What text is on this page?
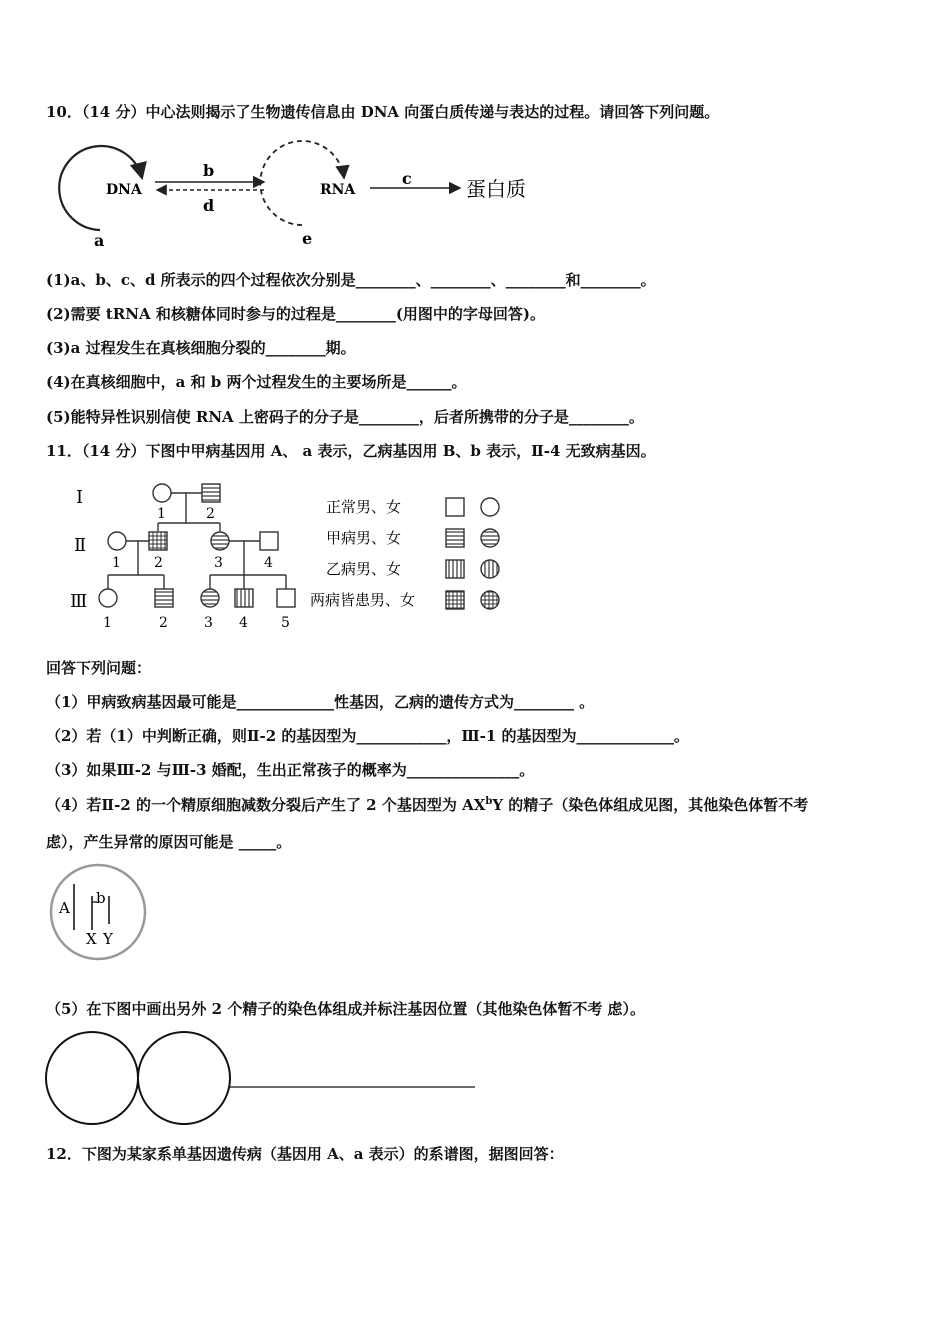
10．（14 分）中心法则揭示了生物遗传信息由 DNA 向蛋白质传递与表达的过程。请回答下列问题。
DNA
a
b
d
RNA
e
c	蛋白质
(1)a、b、c、d 所表示的四个过程依次分别是________、________、________和________。
(2)需要 tRNA 和核糖体同时参与的过程是________(用图中的字母回答)。
(3)a 过程发生在真核细胞分裂的________期。
(4)在真核细胞中，a 和 b 两个过程发生的主要场所是______。
(5)能特异性识别信使 RNA 上密码子的分子是________，后者所携带的分子是________。
11．（14 分）下图中甲病基因用 A、 a 表示，乙病基因用 B、b 表示，Ⅱ-4 无致病基因。
Ⅰ
Ⅱ
Ⅲ
1	2
1 2	3	4
1	2	3 4 5
正常男、女
甲病男、女
乙病男、女
两病皆患男、女
回答下列问题：
（1）甲病致病基因最可能是_____________性基因，乙病的遗传方式为________ 。
（2）若（1）中判断正确，则Ⅱ-2 的基因型为____________，Ⅲ-1 的基因型为_____________。
（3）如果Ⅲ-2 与Ⅲ-3 婚配，生出正常孩子的概率为_______________。
（4）若Ⅱ-2 的一个精原细胞减数分裂后产生了 2 个基因型为 $AX^bY$ 的精子（染色体组成见图，其他染色体暂不考
虑），产生异常的原因可能是 _____。
A
b
X Y
（5）在下图中画出另外 2 个精子的染色体组成并标注基因位置（其他染色体暂不考 虑）。
12．下图为某家系单基因遗传病（基因用 A、a 表示）的系谱图，据图回答：
